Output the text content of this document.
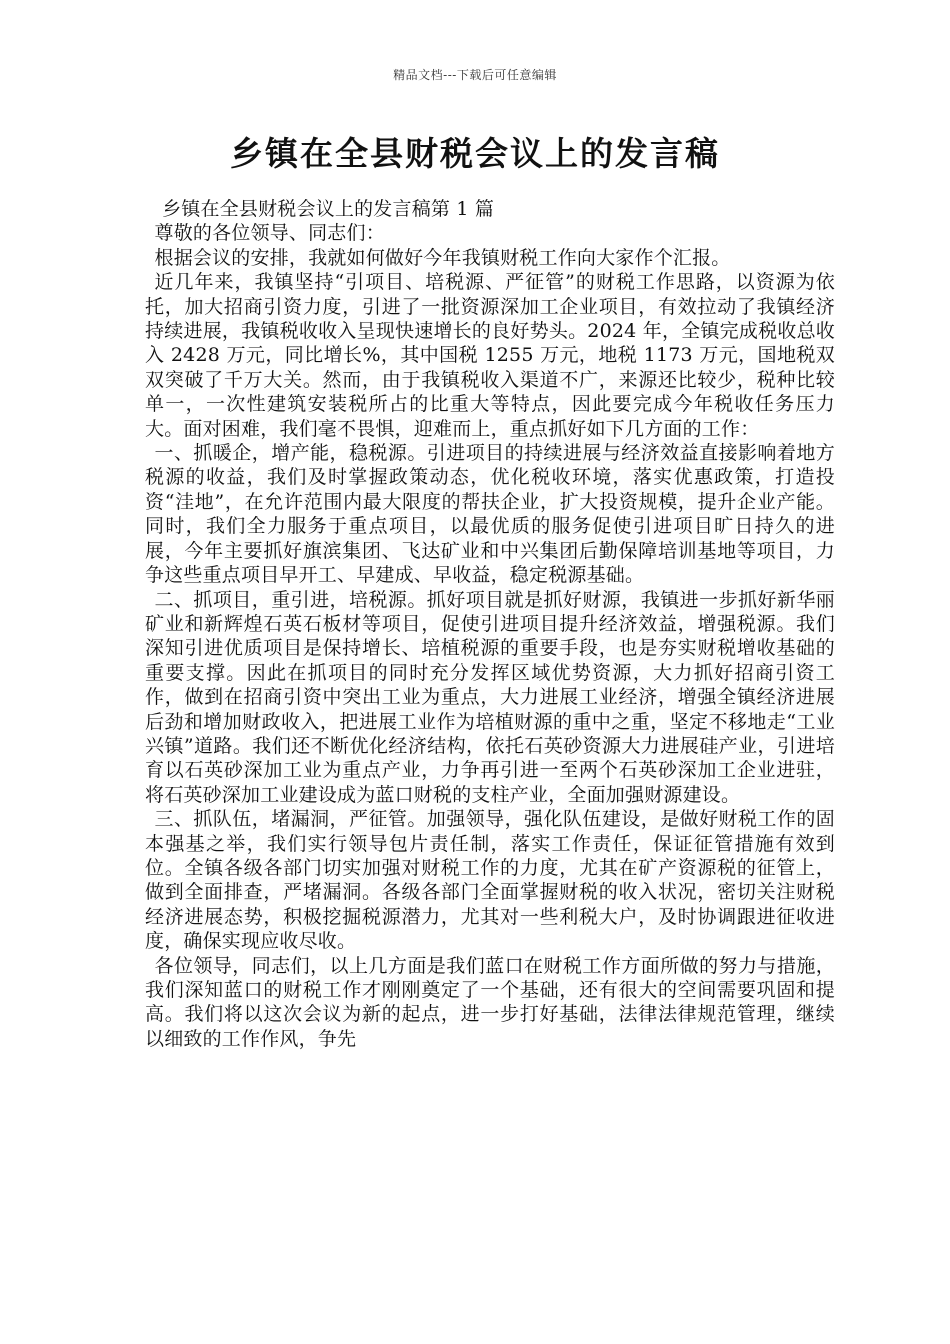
精品文档---下载后可任意编辑
乡镇在全县财税会议上的发言稿

乡镇在全县财税会议上的发言稿第 1 篇

尊敬的各位领导、同志们：

根据会议的安排，我就如何做好今年我镇财税工作向大家作个汇报。

近几年来，我镇坚持“引项目、培税源、严征管”的财税工作思路，以资源为依托，加大招商引资力度，引进了一批资源深加工企业项目，有效拉动了我镇经济持续进展，我镇税收收入呈现快速增长的良好势头。2024 年，全镇完成税收总收入 2428 万元，同比增长%，其中国税 1255 万元，地税 1173 万元，国地税双双突破了千万大关。然而，由于我镇税收入渠道不广，来源还比较少，税种比较单一，一次性建筑安装税所占的比重大等特点，因此要完成今年税收任务压力大。面对困难，我们毫不畏惧，迎难而上，重点抓好如下几方面的工作：

一、抓暖企，增产能，稳税源。引进项目的持续进展与经济效益直接影响着地方税源的收益，我们及时掌握政策动态，优化税收环境，落实优惠政策，打造投资“洼地”，在允许范围内最大限度的帮扶企业，扩大投资规模，提升企业产能。同时，我们全力服务于重点项目，以最优质的服务促使引进项目旷日持久的进展，今年主要抓好旗滨集团、飞达矿业和中兴集团后勤保障培训基地等项目，力争这些重点项目早开工、早建成、早收益，稳定税源基础。

二、抓项目，重引进，培税源。抓好项目就是抓好财源，我镇进一步抓好新华丽矿业和新辉煌石英石板材等项目，促使引进项目提升经济效益，增强税源。我们深知引进优质项目是保持增长、培植税源的重要手段，也是夯实财税增收基础的重要支撑。因此在抓项目的同时充分发挥区域优势资源，大力抓好招商引资工作，做到在招商引资中突出工业为重点，大力进展工业经济，增强全镇经济进展后劲和增加财政收入，把进展工业作为培植财源的重中之重，坚定不移地走“工业兴镇”道路。我们还不断优化经济结构，依托石英砂资源大力进展硅产业，引进培育以石英砂深加工业为重点产业，力争再引进一至两个石英砂深加工企业进驻，将石英砂深加工业建设成为蓝口财税的支柱产业，全面加强财源建设。

三、抓队伍，堵漏洞，严征管。加强领导，强化队伍建设，是做好财税工作的固本强基之举，我们实行领导包片责任制，落实工作责任，保证征管措施有效到位。全镇各级各部门切实加强对财税工作的力度，尤其在矿产资源税的征管上，做到全面排查，严堵漏洞。各级各部门全面掌握财税的收入状况，密切关注财税经济进展态势，积极挖掘税源潜力，尤其对一些利税大户，及时协调跟进征收进度，确保实现应收尽收。

各位领导，同志们，以上几方面是我们蓝口在财税工作方面所做的努力与措施，我们深知蓝口的财税工作才刚刚奠定了一个基础，还有很大的空间需要巩固和提高。我们将以这次会议为新的起点，进一步打好基础，法律法律规范管理，继续以细致的工作作风，争先
